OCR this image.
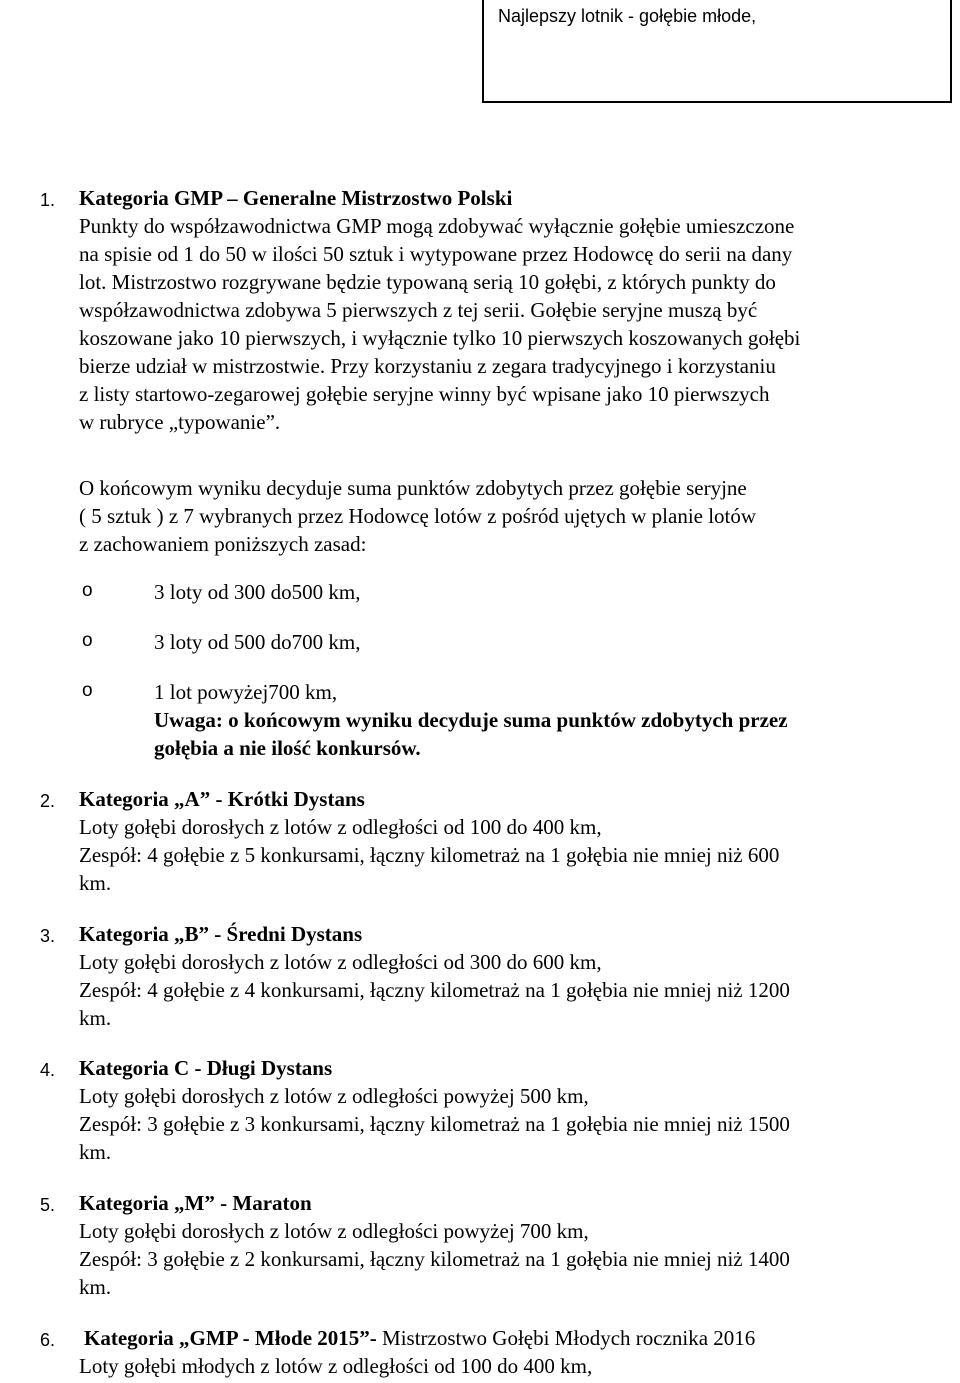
Najlepszy lotnik - gołębie młode,
1. Kategoria GMP – Generalne Mistrzostwo Polski
Punkty do współzawodnictwa GMP mogą zdobywać wyłącznie gołębie umieszczone
na spisie od 1 do 50 w ilości 50 sztuk i wytypowane przez Hodowcę do serii na dany
lot. Mistrzostwo rozgrywane będzie typowaną serią 10 gołębi, z których punkty do
współzawodnictwa zdobywa 5 pierwszych z tej serii. Gołębie seryjne muszą być
koszowane jako 10 pierwszych, i wyłącznie tylko 10 pierwszych koszowanych gołębi
bierze udział w mistrzostwie. Przy korzystaniu z zegara tradycyjnego i korzystaniu
z listy startowo-zegarowej gołębie seryjne winny być wpisane jako 10 pierwszych
w rubryce „typowanie”.
O końcowym wyniku decyduje suma punktów zdobytych przez gołębie seryjne
( 5 sztuk ) z 7 wybranych przez Hodowcę lotów z pośród ujętych w planie lotów
z zachowaniem poniższych zasad:
o	3 loty od 300 do500 km,
o	3 loty od 500 do700 km,
o	1 lot powyżej700 km,
Uwaga: o końcowym wyniku decyduje suma punktów zdobytych przez
gołębia a nie ilość konkursów.
2. Kategoria „A” - Krótki Dystans
Loty gołębi dorosłych z lotów z odległości od 100 do 400 km,
Zespół: 4 gołębie z 5 konkursami, łączny kilometraż na 1 gołębia nie mniej niż 600
km.
3. Kategoria „B” - Średni Dystans
Loty gołębi dorosłych z lotów z odległości od 300 do 600 km,
Zespół: 4 gołębie z 4 konkursami, łączny kilometraż na 1 gołębia nie mniej niż 1200
km.
4. Kategoria C - Długi Dystans
Loty gołębi dorosłych z lotów z odległości powyżej 500 km,
Zespół: 3 gołębie z 3 konkursami, łączny kilometraż na 1 gołębia nie mniej niż 1500
km.
5. Kategoria „M” - Maraton
Loty gołębi dorosłych z lotów z odległości powyżej 700 km,
Zespół: 3 gołębie z 2 konkursami, łączny kilometraż na 1 gołębia nie mniej niż 1400
km.
6. Kategoria „GMP - Młode 2015”- Mistrzostwo Gołębi Młodych rocznika 2016
Loty gołębi młodych z lotów z odległości od 100 do 400 km,
